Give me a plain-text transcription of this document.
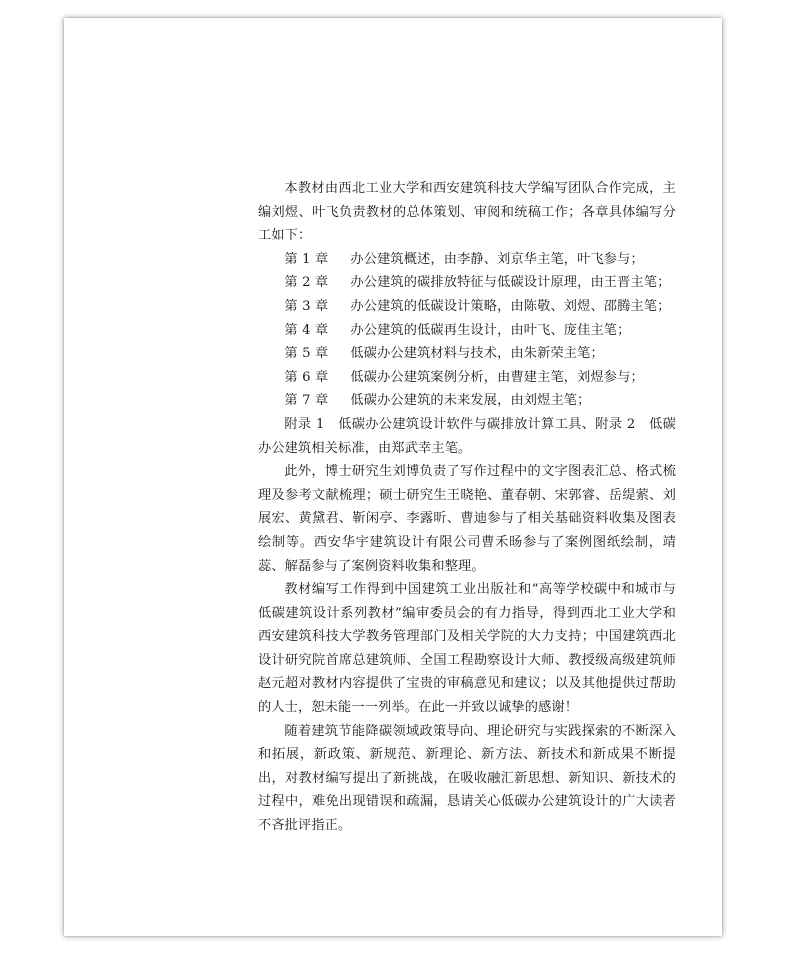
本教材由西北工业大学和西安建筑科技大学编写团队合作完成，主编刘煜、叶飞负责教材的总体策划、审阅和统稿工作；各章具体编写分工如下：

第 1 章 办公建筑概述，由李静、刘京华主笔，叶飞参与；

第 2 章 办公建筑的碳排放特征与低碳设计原理，由王晋主笔；

第 3 章 办公建筑的低碳设计策略，由陈敬、刘煜、邵腾主笔；

第 4 章 办公建筑的低碳再生设计，由叶飞、庞佳主笔；

第 5 章 低碳办公建筑材料与技术，由朱新荣主笔；

第 6 章 低碳办公建筑案例分析，由曹建主笔，刘煜参与；

第 7 章 低碳办公建筑的未来发展，由刘煜主笔；

附录 1　低碳办公建筑设计软件与碳排放计算工具、附录 2　低碳办公建筑相关标准，由郑武幸主笔。

此外，博士研究生刘博负责了写作过程中的文字图表汇总、格式梳理及参考文献梳理；硕士研究生王晓艳、董春朝、宋郭睿、岳缇萦、刘展宏、黄黛君、靳闲亭、李露昕、曹迪参与了相关基础资料收集及图表绘制等。西安华宇建筑设计有限公司曹禾旸参与了案例图纸绘制，靖蕊、解磊参与了案例资料收集和整理。

教材编写工作得到中国建筑工业出版社和“高等学校碳中和城市与低碳建筑设计系列教材”编审委员会的有力指导，得到西北工业大学和西安建筑科技大学教务管理部门及相关学院的大力支持；中国建筑西北设计研究院首席总建筑师、全国工程勘察设计大师、教授级高级建筑师赵元超对教材内容提供了宝贵的审稿意见和建议；以及其他提供过帮助的人士，恕未能一一列举。在此一并致以诚挚的感谢！

随着建筑节能降碳领域政策导向、理论研究与实践探索的不断深入和拓展，新政策、新规范、新理论、新方法、新技术和新成果不断提出，对教材编写提出了新挑战，在吸收融汇新思想、新知识、新技术的过程中，难免出现错误和疏漏，恳请关心低碳办公建筑设计的广大读者不吝批评指正。
